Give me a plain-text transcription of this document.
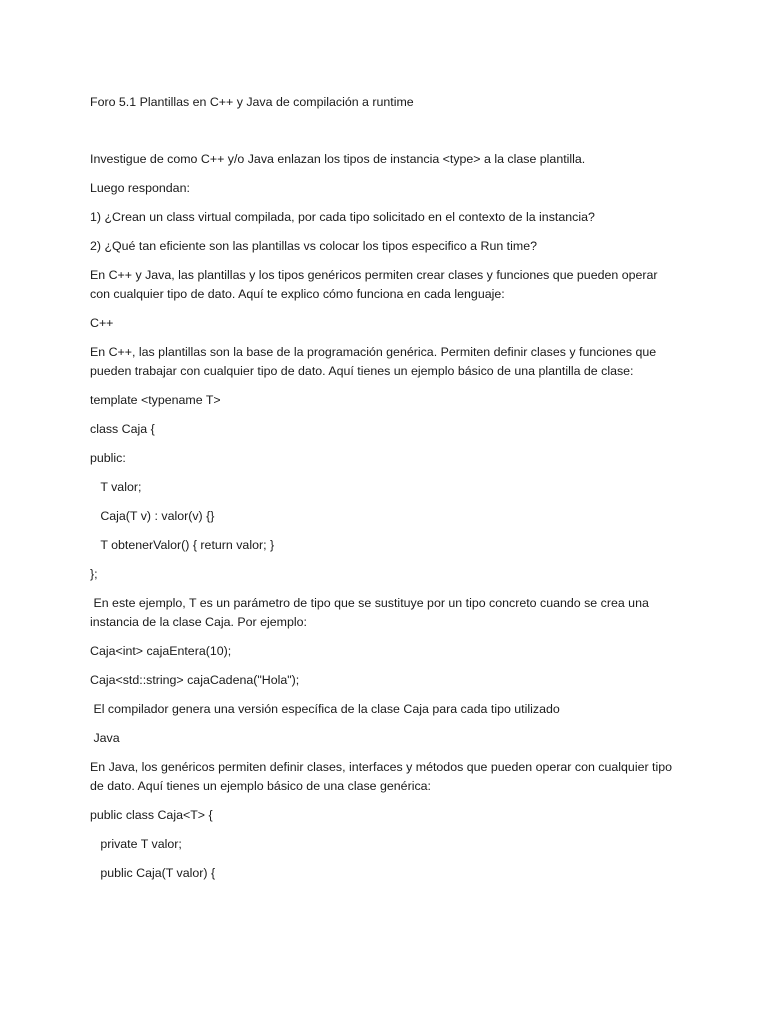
Foro 5.1 Plantillas en C++ y Java de compilación a runtime

Investigue de como C++ y/o Java enlazan los tipos de instancia <type> a la clase plantilla.

Luego respondan:

1) ¿Crean un class virtual compilada, por cada tipo solicitado en el contexto de la instancia?

2) ¿Qué tan eficiente son las plantillas vs colocar los tipos especifico a Run time?

En C++ y Java, las plantillas y los tipos genéricos permiten crear clases y funciones que pueden operar con cualquier tipo de dato. Aquí te explico cómo funciona en cada lenguaje:

C++

En C++, las plantillas son la base de la programación genérica. Permiten definir clases y funciones que pueden trabajar con cualquier tipo de dato. Aquí tienes un ejemplo básico de una plantilla de clase:

template <typename T>

class Caja {

public:

T valor;

Caja(T v) : valor(v) {}

T obtenerValor() { return valor; }

};

En este ejemplo, T es un parámetro de tipo que se sustituye por un tipo concreto cuando se crea una instancia de la clase Caja. Por ejemplo:

Caja<int> cajaEntera(10);

Caja<std::string> cajaCadena("Hola");

El compilador genera una versión específica de la clase Caja para cada tipo utilizado

Java

En Java, los genéricos permiten definir clases, interfaces y métodos que pueden operar con cualquier tipo de dato. Aquí tienes un ejemplo básico de una clase genérica:

public class Caja<T> {

private T valor;

public Caja(T valor) {
